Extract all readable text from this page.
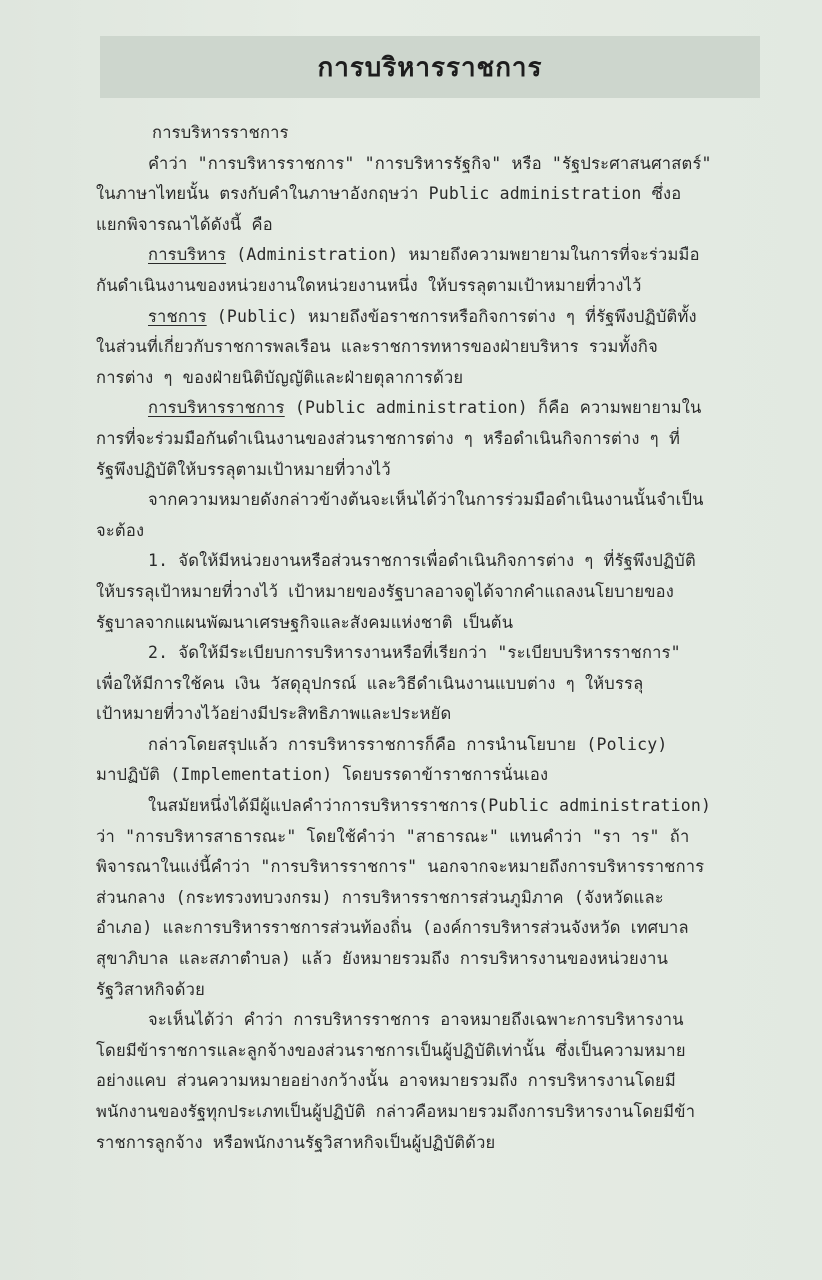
การบริหารราชการ
การบริหารราชการ
คำว่า "การบริหารราชการ" "การบริหารรัฐกิจ" หรือ "รัฐประศาสนศาสตร์"
ในภาษาไทยนั้น ตรงกับคำในภาษาอังกฤษว่า Public administration ซึ่งอ
แยกพิจารณาได้ดังนี้ คือ
การบริหาร (Administration) หมายถึงความพยายามในการที่จะร่วมมือ
กันดำเนินงานของหน่วยงานใดหน่วยงานหนึ่ง ให้บรรลุตามเป้าหมายที่วางไว้
ราชการ (Public) หมายถึงข้อราชการหรือกิจการต่าง ๆ ที่รัฐพึงปฏิบัติทั้ง
ในส่วนที่เกี่ยวกับราชการพลเรือน และราชการทหารของฝ่ายบริหาร รวมทั้งกิจ
การต่าง ๆ ของฝ่ายนิติบัญญัติและฝ่ายตุลาการด้วย
การบริหารราชการ (Public administration) ก็คือ ความพยายามใน
การที่จะร่วมมือกันดำเนินงานของส่วนราชการต่าง ๆ หรือดำเนินกิจการต่าง ๆ ที่
รัฐพึงปฏิบัติให้บรรลุตามเป้าหมายที่วางไว้
จากความหมายดังกล่าวข้างต้นจะเห็นได้ว่าในการร่วมมือดำเนินงานนั้นจำเป็น
จะต้อง
1. จัดให้มีหน่วยงานหรือส่วนราชการเพื่อดำเนินกิจการต่าง ๆ ที่รัฐพึงปฏิบัติ
ให้บรรลุเป้าหมายที่วางไว้ เป้าหมายของรัฐบาลอาจดูได้จากคำแถลงนโยบายของ
รัฐบาลจากแผนพัฒนาเศรษฐกิจและสังคมแห่งชาติ เป็นต้น
2. จัดให้มีระเบียบการบริหารงานหรือที่เรียกว่า "ระเบียบบริหารราชการ"
เพื่อให้มีการใช้คน เงิน วัสดุอุปกรณ์ และวิธีดำเนินงานแบบต่าง ๆ ให้บรรลุ
เป้าหมายที่วางไว้อย่างมีประสิทธิภาพและประหยัด
กล่าวโดยสรุปแล้ว การบริหารราชการก็คือ การนำนโยบาย (Policy)
มาปฏิบัติ (Implementation) โดยบรรดาข้าราชการนั่นเอง
ในสมัยหนึ่งได้มีผู้แปลคำว่าการบริหารราชการ(Public administration)
ว่า "การบริหารสาธารณะ" โดยใช้คำว่า "สาธารณะ" แทนคำว่า "รา าร" ถ้า
พิจารณาในแง่นี้คำว่า "การบริหารราชการ" นอกจากจะหมายถึงการบริหารราชการ
ส่วนกลาง (กระทรวงทบวงกรม) การบริหารราชการส่วนภูมิภาค (จังหวัดและ
อำเภอ) และการบริหารราชการส่วนท้องถิ่น (องค์การบริหารส่วนจังหวัด เทศบาล
สุขาภิบาล และสภาตำบล) แล้ว ยังหมายรวมถึง การบริหารงานของหน่วยงาน
รัฐวิสาหกิจด้วย
จะเห็นได้ว่า คำว่า การบริหารราชการ อาจหมายถึงเฉพาะการบริหารงาน
โดยมีข้าราชการและลูกจ้างของส่วนราชการเป็นผู้ปฏิบัติเท่านั้น ซึ่งเป็นความหมาย
อย่างแคบ ส่วนความหมายอย่างกว้างนั้น อาจหมายรวมถึง การบริหารงานโดยมี
พนักงานของรัฐทุกประเภทเป็นผู้ปฏิบัติ กล่าวคือหมายรวมถึงการบริหารงานโดยมีข้า
ราชการลูกจ้าง หรือพนักงานรัฐวิสาหกิจเป็นผู้ปฏิบัติด้วย
